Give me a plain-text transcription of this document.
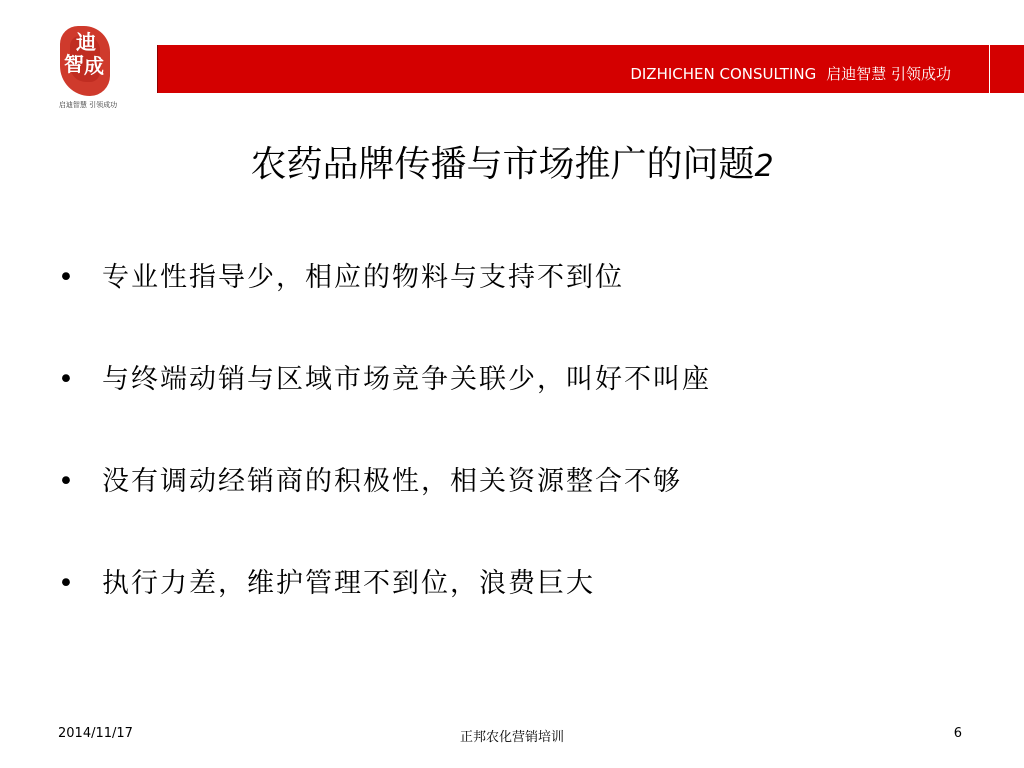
迪
智 成
启迪智慧 引领成功
DIZHICHEN CONSULTING 启迪智慧 引领成功
农药品牌传播与市场推广的问题2
• 专业性指导少，相应的物料与支持不到位
• 与终端动销与区域市场竞争关联少，叫好不叫座
• 没有调动经销商的积极性，相关资源整合不够
• 执行力差，维护管理不到位，浪费巨大
2014/11/17	正邦农化营销培训	6
